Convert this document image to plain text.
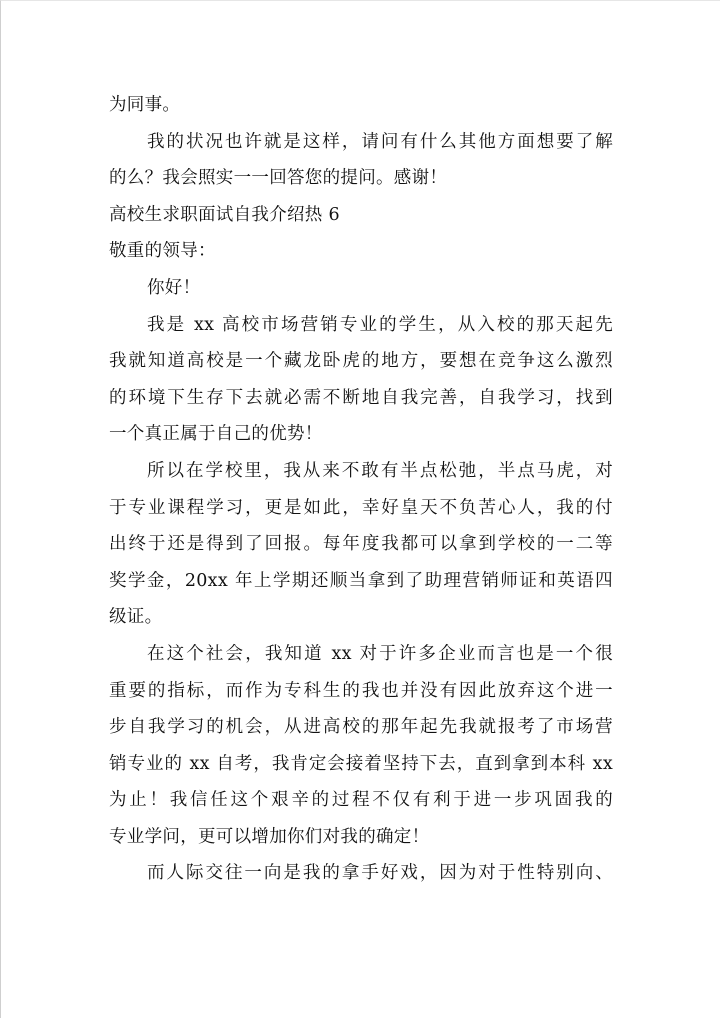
为同事。
我的状况也许就是这样，请问有什么其他方面想要了解
的么？我会照实一一回答您的提问。感谢！
高校生求职面试自我介绍热 6
敬重的领导：
你好！
我是 xx 高校市场营销专业的学生，从入校的那天起先
我就知道高校是一个藏龙卧虎的地方，要想在竞争这么激烈
的环境下生存下去就必需不断地自我完善，自我学习，找到
一个真正属于自己的优势！
所以在学校里，我从来不敢有半点松弛，半点马虎，对
于专业课程学习，更是如此，幸好皇天不负苦心人，我的付
出终于还是得到了回报。每年度我都可以拿到学校的一二等
奖学金，20xx 年上学期还顺当拿到了助理营销师证和英语四
级证。
在这个社会，我知道 xx 对于许多企业而言也是一个很
重要的指标，而作为专科生的我也并没有因此放弃这个进一
步自我学习的机会，从进高校的那年起先我就报考了市场营
销专业的 xx 自考，我肯定会接着坚持下去，直到拿到本科 xx
为止！我信任这个艰辛的过程不仅有利于进一步巩固我的
专业学问，更可以增加你们对我的确定！
而人际交往一向是我的拿手好戏，因为对于性特别向、
